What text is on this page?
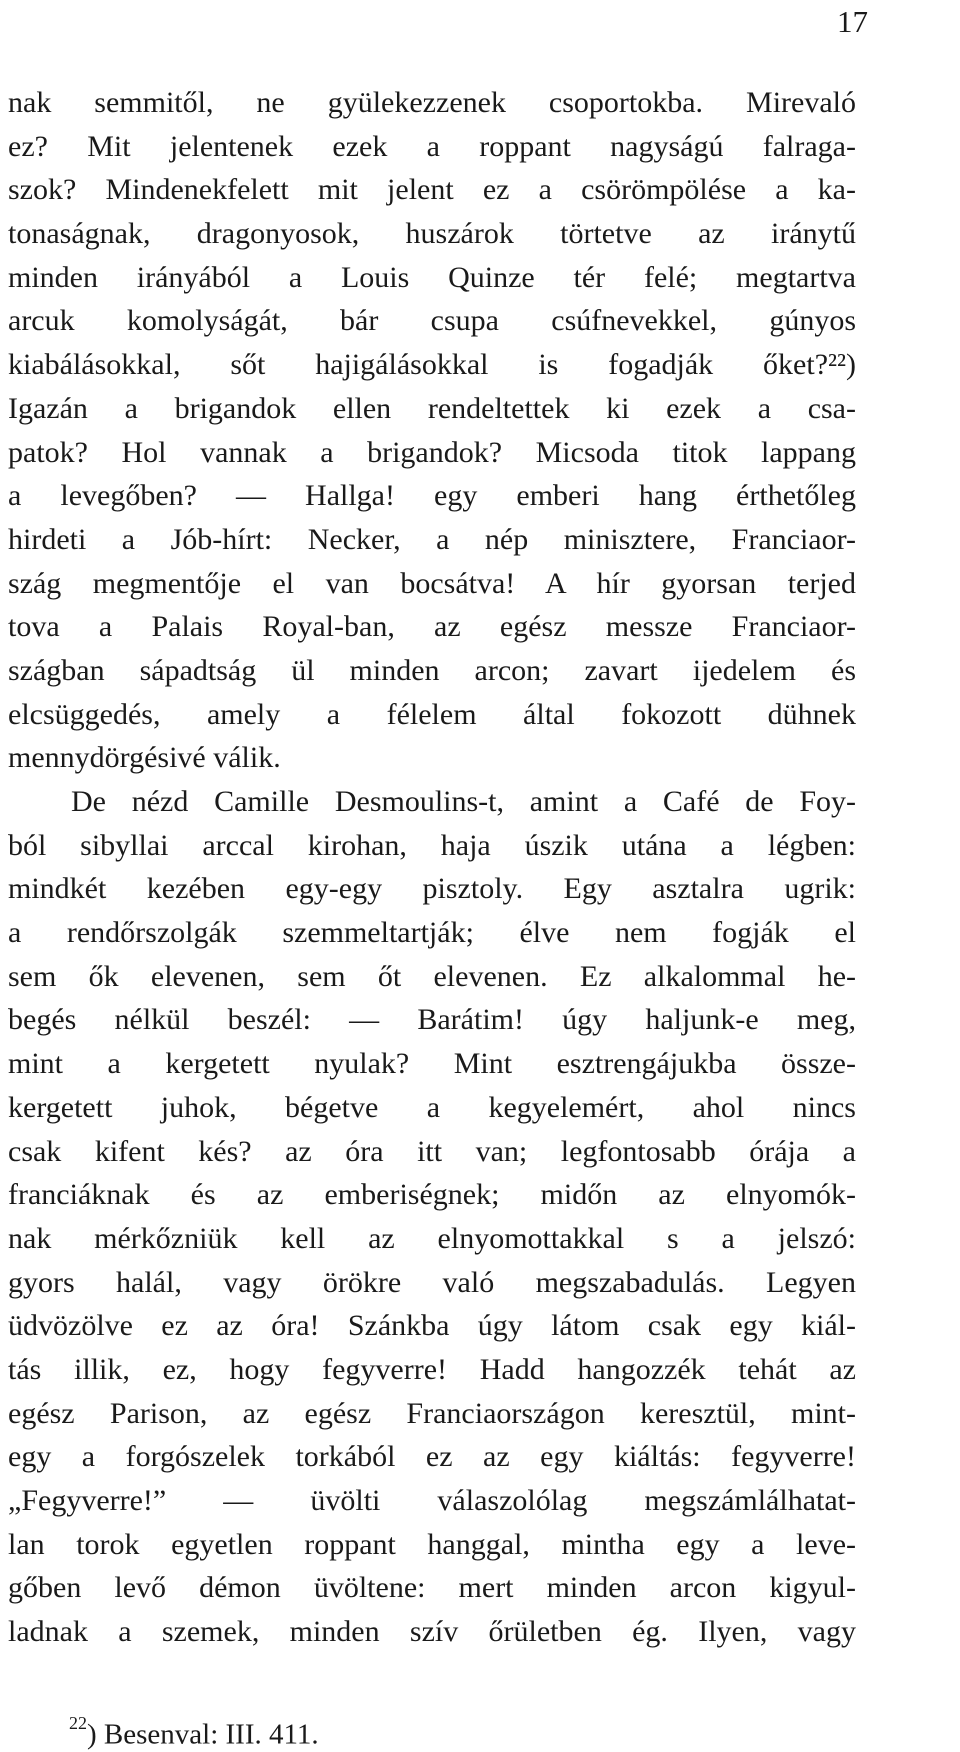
17
nak semmitől, ne gyülekezzenek csoportokba. Mirevaló
ez? Mit jelentenek ezek a roppant nagyságú falraga-
szok? Mindenekfelett mit jelent ez a csörömpölése a ka-
tonaságnak, dragonyosok, huszárok törtetve az iránytű
minden irányából a Louis Quinze tér felé; megtartva
arcuk komolyságát, bár csupa csúfnevekkel, gúnyos
kiabálásokkal, sőt hajigálásokkal is fogadják őket?²²)
Igazán a brigandok ellen rendeltettek ki ezek a csa-
patok? Hol vannak a brigandok? Micsoda titok lappang
a levegőben? — Hallga! egy emberi hang érthetőleg
hirdeti a Jób-hírt: Necker, a nép minisztere, Franciaor-
szág megmentője el van bocsátva! A hír gyorsan terjed
tova a Palais Royal-ban, az egész messze Franciaor-
szágban sápadtság ül minden arcon; zavart ijedelem és
elcsüggedés, amely a félelem által fokozott dühnek
mennydörgésivé válik.
De nézd Camille Desmoulins-t, amint a Café de Foy-
ból sibyllai arccal kirohan, haja úszik utána a légben:
mindkét kezében egy-egy pisztoly. Egy asztalra ugrik:
a rendőrszolgák szemmeltartják; élve nem fogják el
sem ők elevenen, sem őt elevenen. Ez alkalommal he-
begés nélkül beszél: — Barátim! úgy haljunk-e meg,
mint a kergetett nyulak? Mint esztrengájukba össze-
kergetett juhok, bégetve a kegyelemért, ahol nincs
csak kifent kés? az óra itt van; legfontosabb órája a
franciáknak és az emberiségnek; midőn az elnyomók-
nak mérkőzniük kell az elnyomottakkal s a jelszó:
gyors halál, vagy örökre való megszabadulás. Legyen
üdvözölve ez az óra! Szánkba úgy látom csak egy kiál-
tás illik, ez, hogy fegyverre! Hadd hangozzék tehát az
egész Parison, az egész Franciaországon keresztül, mint-
egy a forgószelek torkából ez az egy kiáltás: fegyverre!
„Fegyverre!” — üvölti válaszolólag megszámlálhatat-
lan torok egyetlen roppant hanggal, mintha egy a leve-
gőben levő démon üvöltene: mert minden arcon kigyul-
ladnak a szemek, minden szív őrületben ég. Ilyen, vagy
$^{22}$) Besenval: III. 411.
